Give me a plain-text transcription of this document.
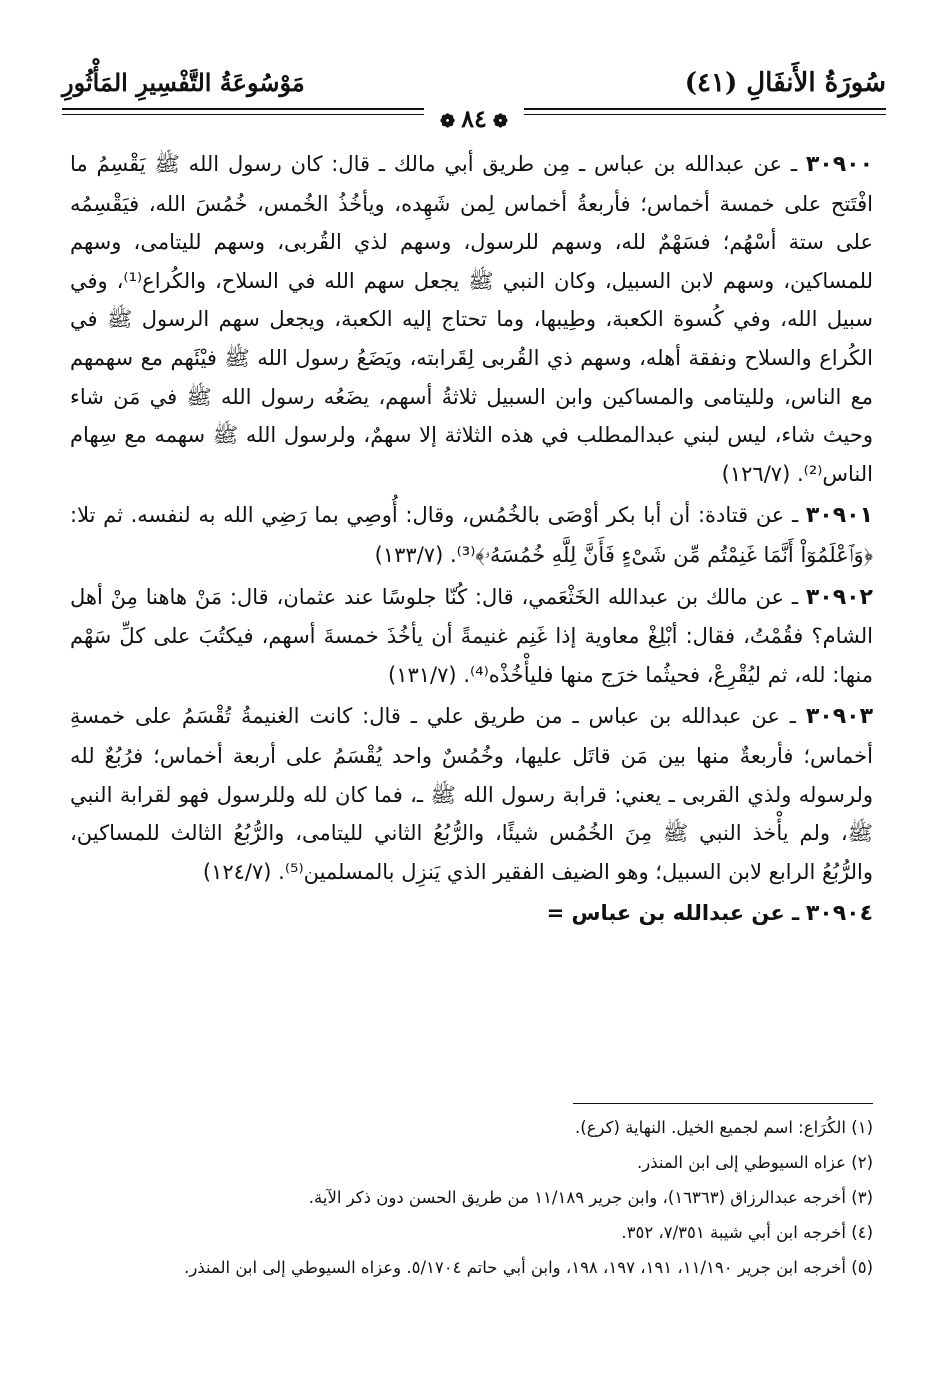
سُورَةُ الأَنفَالِ (٤١)
مَوْسُوعَةُ التَّفْسِيرِ المَأْثُورِ
❁٨٤❁

٣٠٩٠٠ ـ عن عبدالله بن عباس ـ مِن طريق أبي مالك ـ قال: كان رسول الله ﷺ يَقْسِمُ ما افْتَتح على خمسة أخماس؛ فأربعةُ أخماس لِمن شَهِده، ويأخُذُ الخُمس، خُمُسَ الله، فيَقْسِمُه على ستة أسْهُم؛ فسَهْمٌ لله، وسهم للرسول، وسهم لذي القُربى، وسهم لليتامى، وسهم للمساكين، وسهم لابن السبيل، وكان النبي ﷺ يجعل سهم الله في السلاح، والكُراع⁽¹⁾، وفي سبيل الله، وفي كُسوة الكعبة، وطِيبها، وما تحتاج إليه الكعبة، ويجعل سهم الرسول ﷺ في الكُراع والسلاح ونفقة أهله، وسهم ذي القُربى لِقَرابته، ويَضَعُ رسول الله ﷺ فيْئَهم مع سهمهم مع الناس، ولليتامى والمساكين وابن السبيل ثلاثةُ أسهم، يضَعُه رسول الله ﷺ في مَن شاء وحيث شاء، ليس لبني عبدالمطلب في هذه الثلاثة إلا سهمٌ، ولرسول الله ﷺ سهمه مع سِهام الناس⁽²⁾. (١٢٦/٧)

٣٠٩٠١ ـ عن قتادة: أن أبا بكر أوْصَى بالخُمُس، وقال: أُوصِي بما رَضِي الله به لنفسه. ثم تلا: ﴿وَٱعْلَمُوٓاْ أَنَّمَا غَنِمْتُم مِّن شَىْءٍ فَأَنَّ لِلَّهِ خُمُسَهُۥ﴾⁽³⁾. (١٣٣/٧)

٣٠٩٠٢ ـ عن مالك بن عبدالله الخَثْعَمي، قال: كُنّا جلوسًا عند عثمان، قال: مَنْ هاهنا مِنْ أهل الشام؟ فقُمْتُ، فقال: أبْلِغْ معاوية إذا غَنِم غنيمةً أن يأخُذَ خمسةَ أسهم، فيكتُبَ على كلِّ سَهْم منها: لله، ثم ليُقْرِعْ، فحيثُما خرَج منها فليأْخُذْه⁽⁴⁾. (١٣١/٧)

٣٠٩٠٣ ـ عن عبدالله بن عباس ـ من طريق علي ـ قال: كانت الغنيمةُ تُقْسَمُ على خمسةِ أخماس؛ فأربعةٌ منها بين مَن قاتَل عليها، وخُمُسٌ واحد يُقْسَمُ على أربعة أخماس؛ فرُبُعٌ لله ولرسوله ولذي القربى ـ يعني: قرابة رسول الله ﷺ ـ، فما كان لله وللرسول فهو لقرابة النبي ﷺ، ولم يأْخذ النبي ﷺ مِنَ الخُمُس شيئًا، والرُّبُعُ الثاني لليتامى، والرُّبُعُ الثالث للمساكين، والرُّبُعُ الرابع لابن السبيل؛ وهو الضيف الفقير الذي يَنزِل بالمسلمين⁽⁵⁾. (١٢٤/٧)

٣٠٩٠٤ ـ عن عبدالله بن عباس =

(١) الكُرَاع: اسم لجميع الخيل. النهاية (كرع).
(٢) عزاه السيوطي إلى ابن المنذر.
(٣) أخرجه عبدالرزاق (١٦٣٦٣)، وابن جرير ١١/١٨٩ من طريق الحسن دون ذكر الآية.
(٤) أخرجه ابن أبي شيبة ٧/٣٥١، ٣٥٢.
(٥) أخرجه ابن جرير ١١/١٩٠، ١٩١، ١٩٧، ١٩٨، وابن أبي حاتم ٥/١٧٠٤. وعزاه السيوطي إلى ابن المنذر.
